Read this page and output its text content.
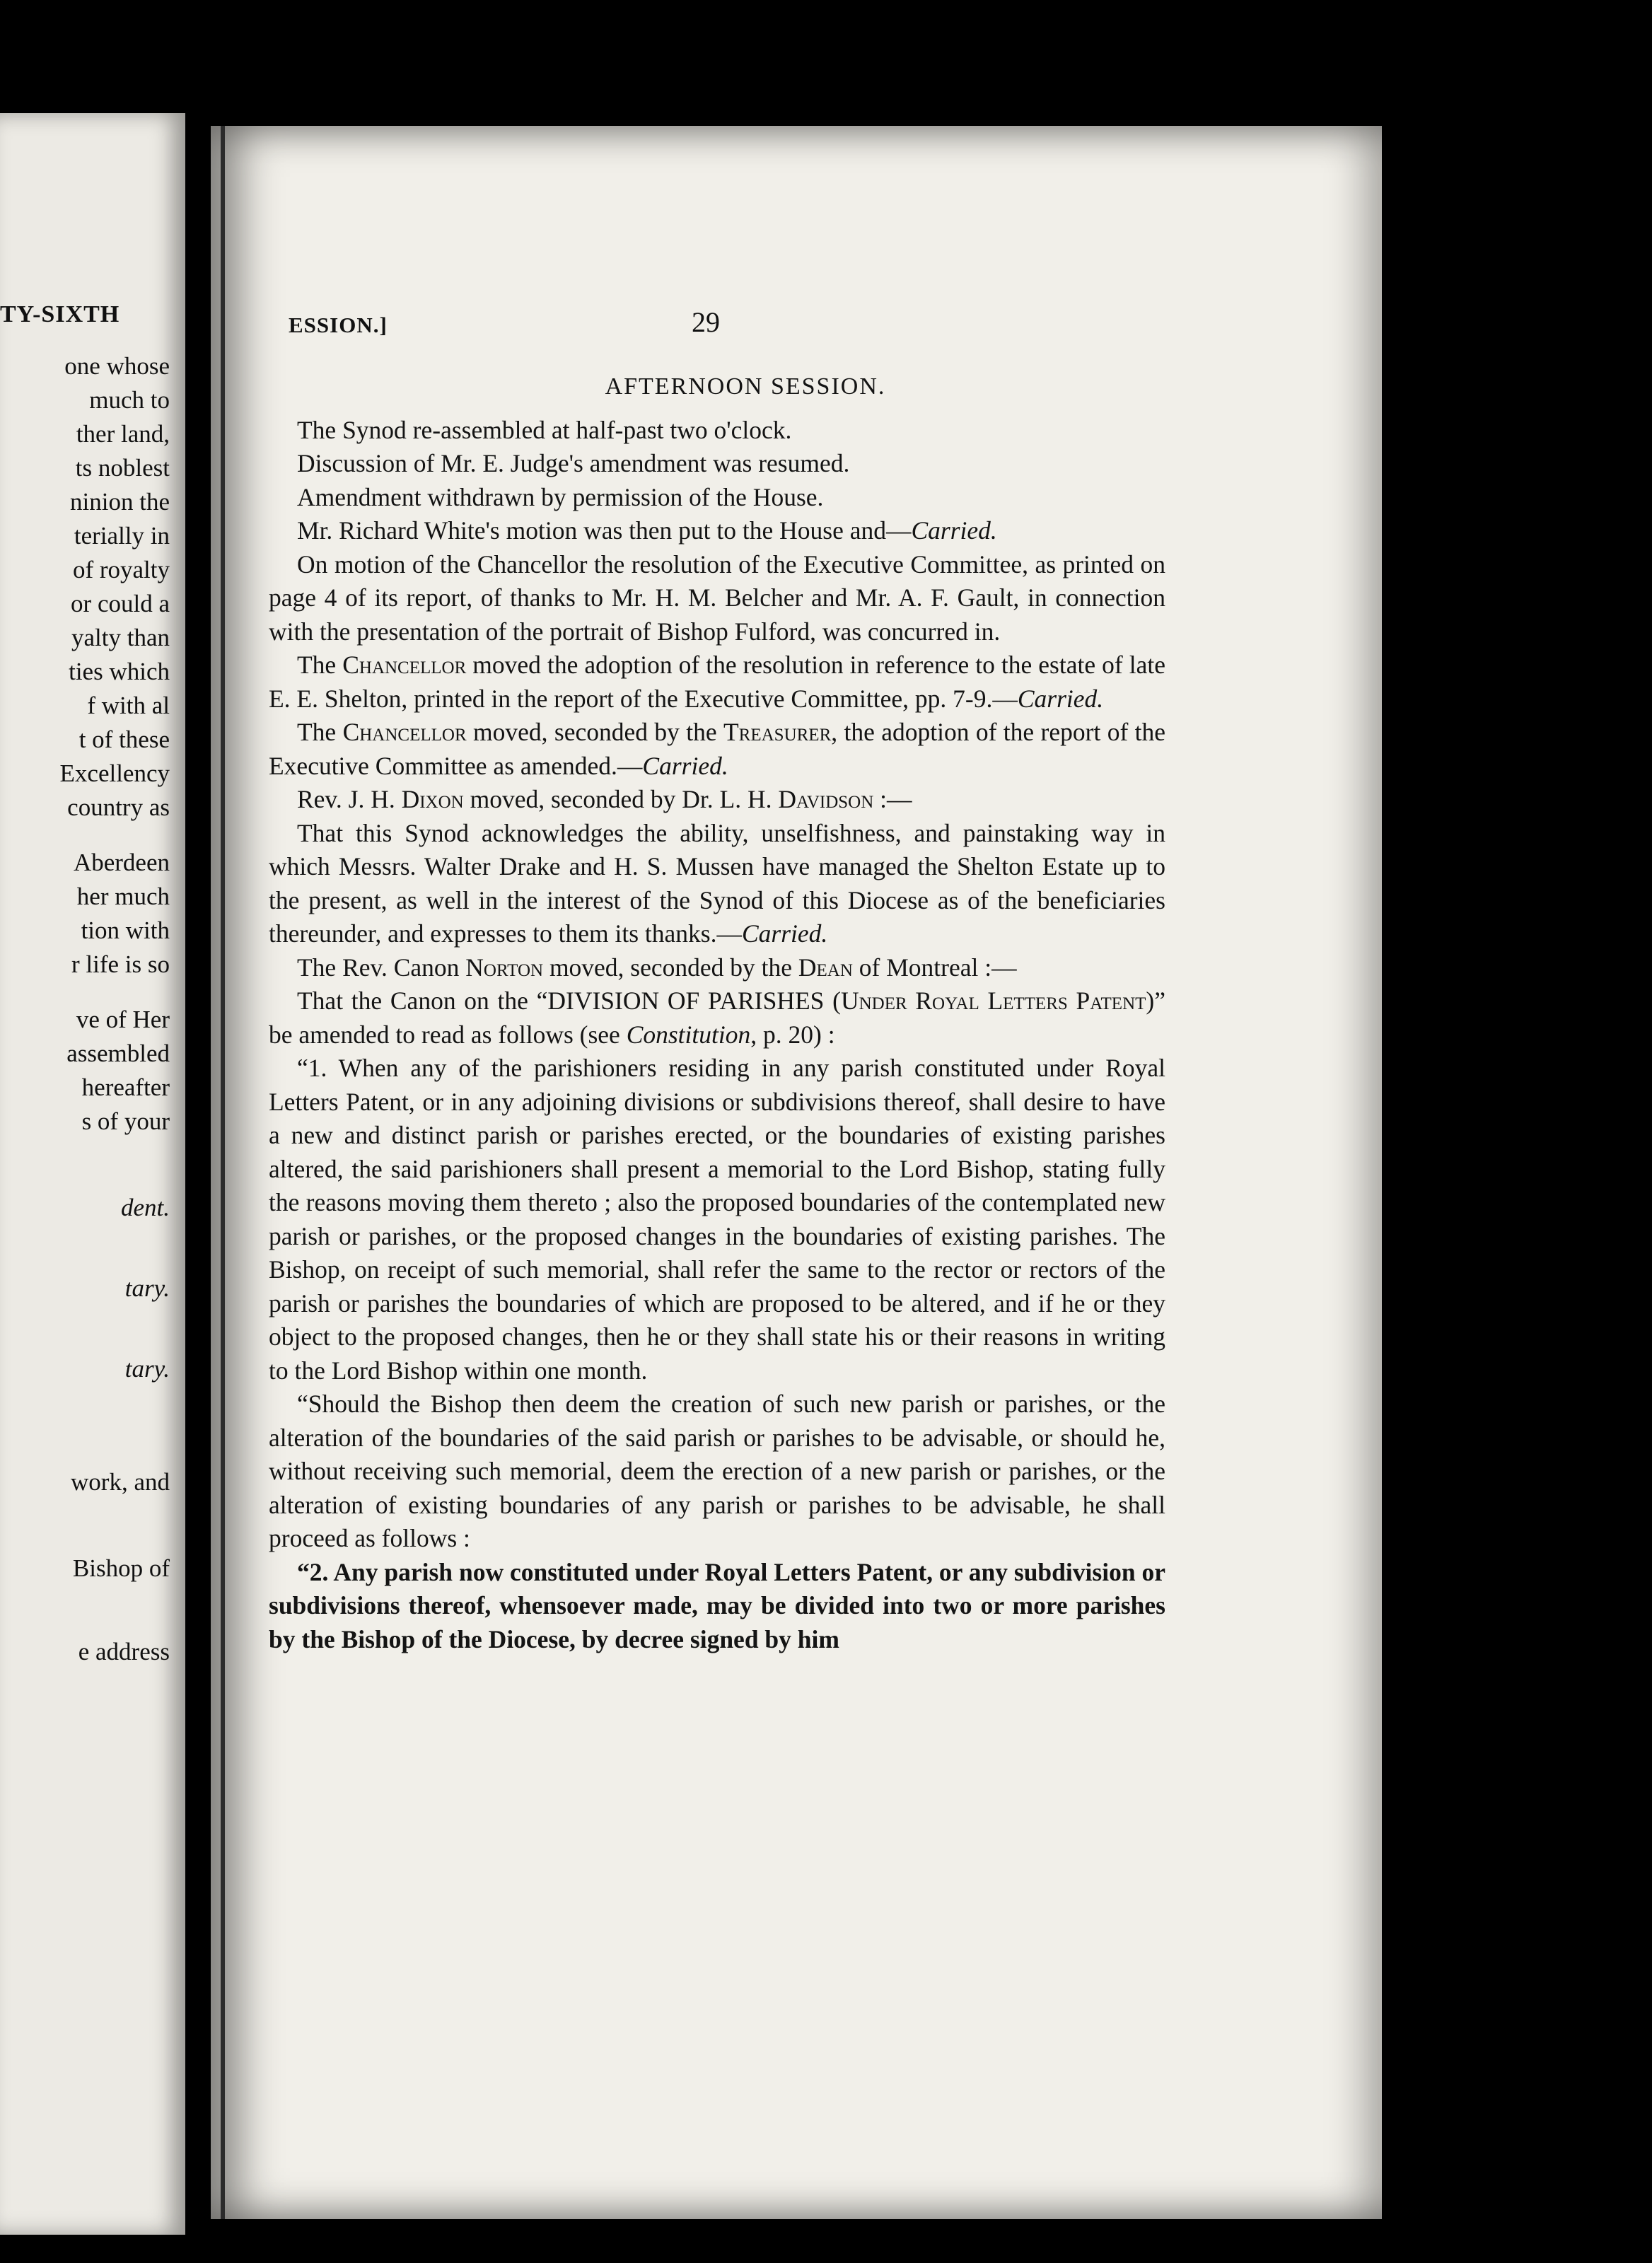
TY-SIXTH
one whose
much to
ther land,
ts noblest
ninion the
terially in
of royalty
or could a
yalty than
ties which
f with al
t of these
Excellency
country as
Aberdeen
her much
tion with
r life is so
ve of Her
assembled
hereafter
s of your
dent.
tary.
tary.
work, and
Bishop of
e address
ESSION.]	29
AFTERNOON SESSION.

The Synod re-assembled at half-past two o'clock.

Discussion of Mr. E. Judge's amendment was resumed.

Amendment withdrawn by permission of the House.

Mr. Richard White's motion was then put to the House and—Carried.

On motion of the Chancellor the resolution of the Executive Committee, as printed on page 4 of its report, of thanks to Mr. H. M. Belcher and Mr. A. F. Gault, in connection with the presentation of the portrait of Bishop Fulford, was concurred in.

The Chancellor moved the adoption of the resolution in reference to the estate of late E. E. Shelton, printed in the report of the Executive Committee, pp. 7-9.—Carried.

The Chancellor moved, seconded by the Treasurer, the adoption of the report of the Executive Committee as amended.—Carried.

Rev. J. H. Dixon moved, seconded by Dr. L. H. Davidson :—

That this Synod acknowledges the ability, unselfishness, and painstaking way in which Messrs. Walter Drake and H. S. Mussen have managed the Shelton Estate up to the present, as well in the interest of the Synod of this Diocese as of the beneficiaries thereunder, and expresses to them its thanks.—Carried.

The Rev. Canon Norton moved, seconded by the Dean of Montreal :—

That the Canon on the “DIVISION OF PARISHES (Under Royal Letters Patent)” be amended to read as follows (see Constitution, p. 20) :

“1. When any of the parishioners residing in any parish constituted under Royal Letters Patent, or in any adjoining divisions or subdivisions thereof, shall desire to have a new and distinct parish or parishes erected, or the boundaries of existing parishes altered, the said parishioners shall present a memorial to the Lord Bishop, stating fully the reasons moving them thereto ; also the proposed boundaries of the contemplated new parish or parishes, or the proposed changes in the boundaries of existing parishes. The Bishop, on receipt of such memorial, shall refer the same to the rector or rectors of the parish or parishes the boundaries of which are proposed to be altered, and if he or they object to the proposed changes, then he or they shall state his or their reasons in writing to the Lord Bishop within one month.

“Should the Bishop then deem the creation of such new parish or parishes, or the alteration of the boundaries of the said parish or parishes to be advisable, or should he, without receiving such memorial, deem the erection of a new parish or parishes, or the alteration of existing boundaries of any parish or parishes to be advisable, he shall proceed as follows :

“2. Any parish now constituted under Royal Letters Patent, or any subdivision or subdivisions thereof, whensoever made, may be divided into two or more parishes by the Bishop of the Diocese, by decree signed by him
